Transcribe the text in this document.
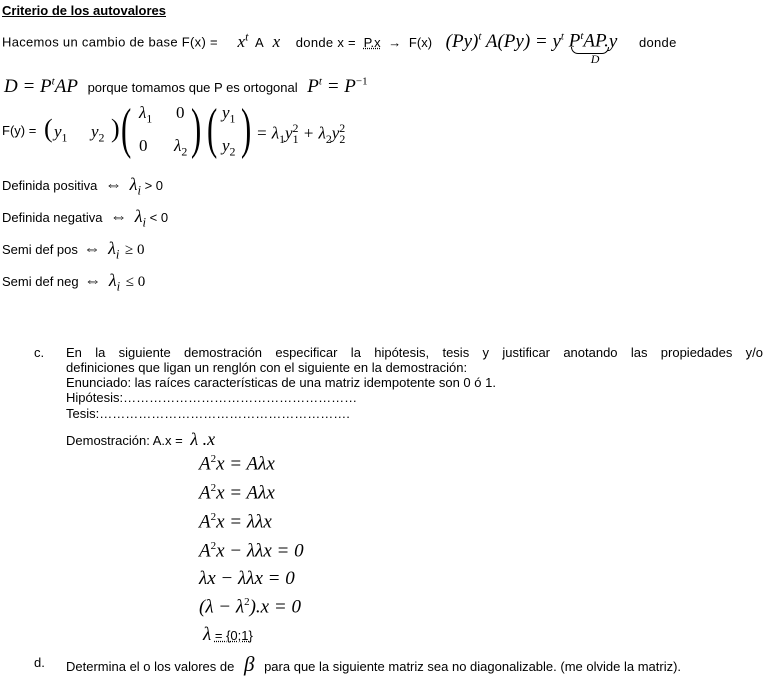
Criterio de los autovalores
Hacemos un cambio de base $F(x) = x^t$ A x donde x = P.x → F(x) $(Py)^t$ $A(Py) = y^t$ $P^tAP$.
D
y donde
$D = P^tAP$ porque tomamos que P es ortogonal $P^t = P^{-1}$
F(y) = ( $y_1$ $y_2$ ) ( $\lambda_1$ 0
0 $\lambda_2$ ) ( $y_1$
$y_2$ ) = $\lambda_1y_1^2 + \lambda_2y_2^2$
Definida positiva ⇔ $\lambda_i > 0$
Definida negativa ⇔ $\lambda_i < 0$
Semi def pos ⇔ $\lambda_i \ge 0$
Semi def neg ⇔ $\lambda_i \le 0$
c. En la siguiente demostración especificar la hipótesis, tesis y justificar anotando las propiedades y/o
definiciones que ligan un renglón con el siguiente en la demostración:
Enunciado: las raíces características de una matriz idempotente son 0 ó 1.
Hipótesis:………………………………………………
Tesis:………………………………………………….
Demostración: A.x = λ .x
$A^2x = A\lambda x$
$A^2x = A\lambda x$
$A^2x = \lambda\lambda x$
$A^2x - \lambda\lambda x = 0$
λx − λλx = 0
$(\lambda - \lambda^2).x = 0$
λ = {0;1}
d. Determina el o los valores de β para que la siguiente matriz sea no diagonalizable. (me olvide la matriz).
